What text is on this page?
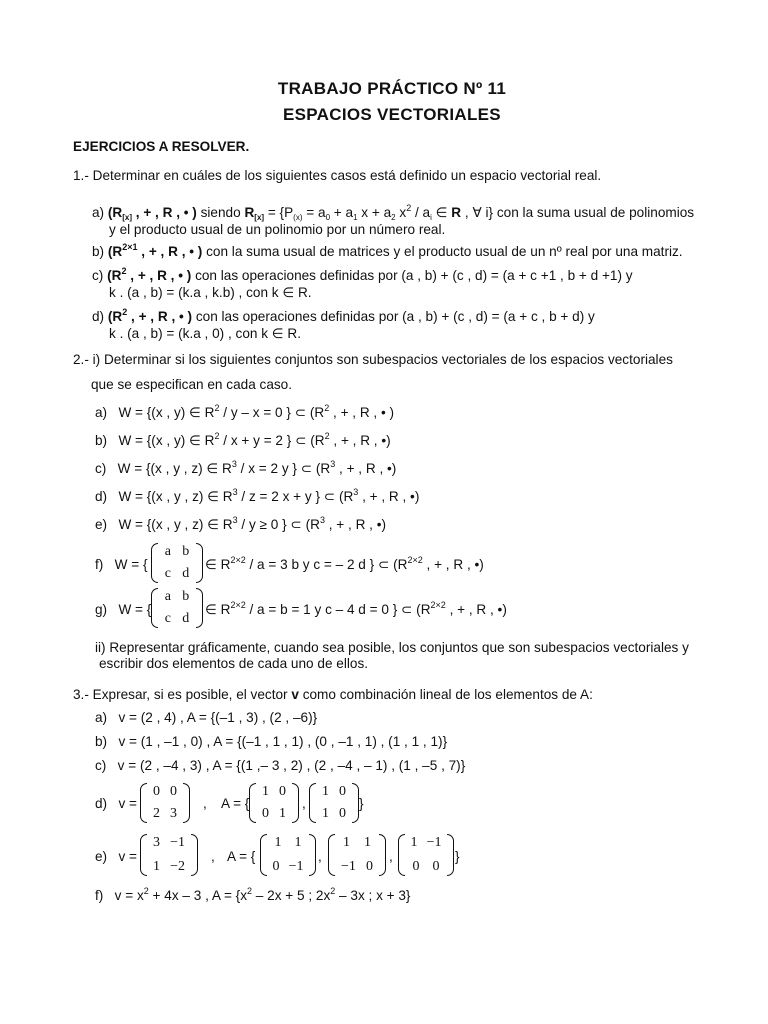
TRABAJO PRÁCTICO Nº 11
ESPACIOS VECTORIALES
EJERCICIOS A RESOLVER.
1.- Determinar en cuáles de los siguientes casos está definido un espacio vectorial real.
a) ($R_{[x]}$ , + , R , • ) siendo $R_{[x]} = \{P_{(x)} = a_0 + a_1$ $x + a_2$ $x^2 / a_i$ ∈ R , ∀ i} con la suma usual de polinomios
y el producto usual de un polinomio por un número real.
b) ($R^{2\times 1}$ , + , R , • ) con la suma usual de matrices y el producto usual de un nº real por una matriz.
c) ($R^2$ , + , R , • ) con las operaciones definidas por (a , b) + (c , d) = (a + c +1 , b + d +1) y
k . (a , b) = (k.a , k.b) , con k ∈ R.
d) ($R^2$ , + , R , • ) con las operaciones definidas por (a , b) + (c , d) = (a + c , b + d) y
k . (a , b) = (k.a , 0) , con k ∈ R.
2.- i) Determinar si los siguientes conjuntos son subespacios vectoriales de los espacios vectoriales
que se especifican en cada caso.
a) W = {(x , y) ∈ $R^2 / y - x = 0$ } ⊂ ($R^2$ , + , R , • )
b) W = {(x , y) ∈ $R^2 / x + y = 2$ } ⊂ ($R^2$ , + , R , •)
c) W = {(x , y , z) ∈ $R^3 / x = 2$ y } ⊂ ($R^3$ , + , R , •)
d) W = {(x , y , z) ∈ $R^3 / z = 2$ x + y } ⊂ ($R^3$ , + , R , •)
e) W = {(x , y , z) ∈ $R^3 / y \ge 0$ } ⊂ ($R^3$ , + , R , •)
f) W = {
a b
c d
∈ $R^{2\times 2} / a = 3$ b y c = – 2 d } ⊂ ($R^{2\times 2}$ , + , R , •)
g) W = {
a b
c d
∈ $R^{2\times 2} / a = b = 1$ y c – 4 d = 0 } ⊂ ($R^{2\times 2}$ , + , R , •)
ii) Representar gráficamente, cuando sea posible, los conjuntos que son subespacios vectoriales y
escribir dos elementos de cada uno de ellos.
3.- Expresar, si es posible, el vector v como combinación lineal de los elementos de A:
a) v = (2 , 4) , A = {(–1 , 3) , (2 , –6)}
b) v = (1 , –1 , 0) , A = {(–1 , 1 , 1) , (0 , –1 , 1) , (1 , 1 , 1)}
c) v = (2 , –4 , 3) , A = {(1 ,– 3 , 2) , (2 , –4 , – 1) , (1 , –5 , 7)}
d) v =
0 0
2 3
, A = {
1 0
0 1
,
1 0
1 0
}
e) v =
3 −1
1 −2
, A = {
1 1
0 −1
,
1 1
−1 0
,
1 −1
0 0
}
f) $v = x^2 + 4x - 3$ , $A = \{x^2 - 2x + 5$ ; $2x^2 - 3x$ ; x + 3}
